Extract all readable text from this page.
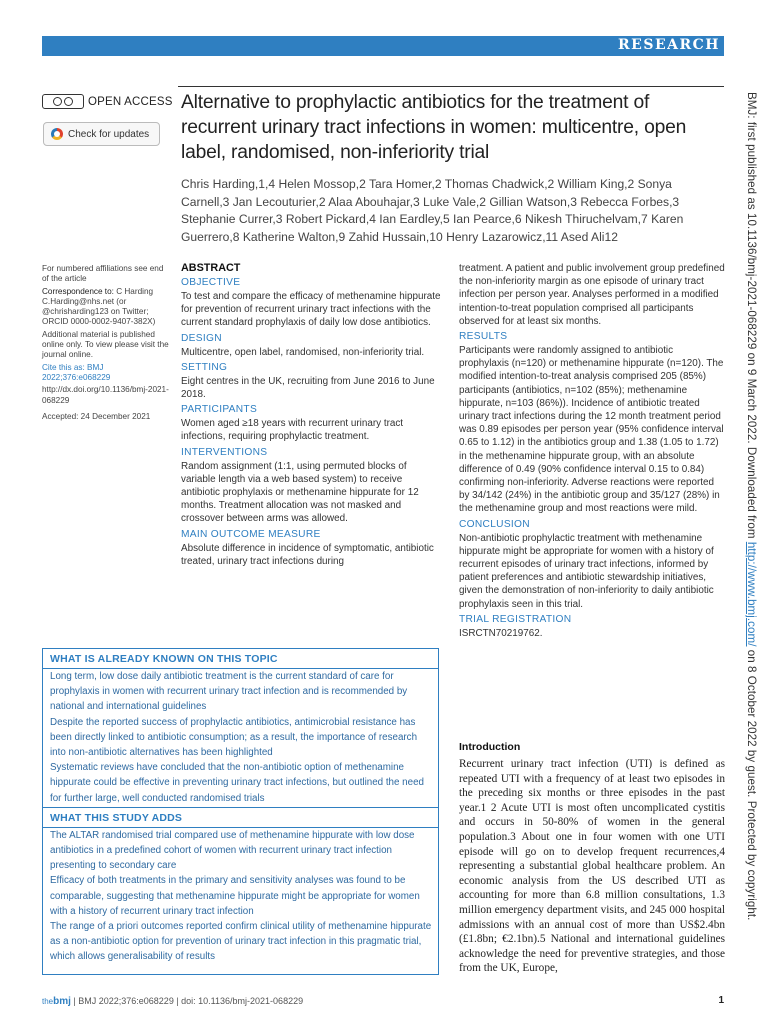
RESEARCH
OPEN ACCESS
Check for updates
Alternative to prophylactic antibiotics for the treatment of recurrent urinary tract infections in women: multicentre, open label, randomised, non-inferiority trial
Chris Harding,1,4 Helen Mossop,2 Tara Homer,2 Thomas Chadwick,2 William King,2 Sonya Carnell,3 Jan Lecouturier,2 Alaa Abouhajar,3 Luke Vale,2 Gillian Watson,3 Rebecca Forbes,3 Stephanie Currer,3 Robert Pickard,4 Ian Eardley,5 Ian Pearce,6 Nikesh Thiruchelvam,7 Karen Guerrero,8 Katherine Walton,9 Zahid Hussain,10 Henry Lazarowicz,11 Ased Ali12

For numbered affiliations see end of the article

Correspondence to: C Harding C.Harding@nhs.net (or @chrisharding123 on Twitter; ORCID 0000-0002-9407-382X)

Additional material is published online only. To view please visit the journal online.

Cite this as: BMJ 2022;376:e068229

http://dx.doi.org/10.1136/bmj-2021-068229

Accepted: 24 December 2021

ABSTRACT

OBJECTIVE

To test and compare the efficacy of methenamine hippurate for prevention of recurrent urinary tract infections with the current standard prophylaxis of daily low dose antibiotics.

DESIGN

Multicentre, open label, randomised, non-inferiority trial.

SETTING

Eight centres in the UK, recruiting from June 2016 to June 2018.

PARTICIPANTS

Women aged ≥18 years with recurrent urinary tract infections, requiring prophylactic treatment.

INTERVENTIONS

Random assignment (1:1, using permuted blocks of variable length via a web based system) to receive antibiotic prophylaxis or methenamine hippurate for 12 months. Treatment allocation was not masked and crossover between arms was allowed.

MAIN OUTCOME MEASURE

Absolute difference in incidence of symptomatic, antibiotic treated, urinary tract infections during

treatment. A patient and public involvement group predefined the non-inferiority margin as one episode of urinary tract infection per person year. Analyses performed in a modified intention-to-treat population comprised all participants observed for at least six months.

RESULTS

Participants were randomly assigned to antibiotic prophylaxis (n=120) or methenamine hippurate (n=120). The modified intention-to-treat analysis comprised 205 (85%) participants (antibiotics, n=102 (85%); methenamine hippurate, n=103 (86%)). Incidence of antibiotic treated urinary tract infections during the 12 month treatment period was 0.89 episodes per person year (95% confidence interval 0.65 to 1.12) in the antibiotics group and 1.38 (1.05 to 1.72) in the methenamine hippurate group, with an absolute difference of 0.49 (90% confidence interval 0.15 to 0.84) confirming non-inferiority. Adverse reactions were reported by 34/142 (24%) in the antibiotic group and 35/127 (28%) in the methenamine group and most reactions were mild.

CONCLUSION

Non-antibiotic prophylactic treatment with methenamine hippurate might be appropriate for women with a history of recurrent episodes of urinary tract infections, informed by patient preferences and antibiotic stewardship initiatives, given the demonstration of non-inferiority to daily antibiotic prophylaxis seen in this trial.

TRIAL REGISTRATION

ISRCTN70219762.

WHAT IS ALREADY KNOWN ON THIS TOPIC

Long term, low dose daily antibiotic treatment is the current standard of care for prophylaxis in women with recurrent urinary tract infection and is recommended by national and international guidelines

Despite the reported success of prophylactic antibiotics, antimicrobial resistance has been directly linked to antibiotic consumption; as a result, the importance of research into non-antibiotic alternatives has been highlighted

Systematic reviews have concluded that the non-antibiotic option of methenamine hippurate could be effective in preventing urinary tract infections, but outlined the need for further large, well conducted randomised trials

WHAT THIS STUDY ADDS

The ALTAR randomised trial compared use of methenamine hippurate with low dose antibiotics in a predefined cohort of women with recurrent urinary tract infection presenting to secondary care

Efficacy of both treatments in the primary and sensitivity analyses was found to be comparable, suggesting that methenamine hippurate might be appropriate for women with a history of recurrent urinary tract infection

The range of a priori outcomes reported confirm clinical utility of methenamine hippurate as a non-antibiotic option for prevention of urinary tract infection in this pragmatic trial, which allows generalisability of results

Introduction

Recurrent urinary tract infection (UTI) is defined as repeated UTI with a frequency of at least two episodes in the preceding six months or three episodes in the past year.1 2 Acute UTI is most often uncomplicated cystitis and occurs in 50-80% of women in the general population.3 About one in four women with one UTI episode will go on to develop frequent recurrences,4 representing a substantial global healthcare problem. An economic analysis from the US described UTI as accounting for more than 6.8 million consultations, 1.3 million emergency department visits, and 245 000 hospital admissions with an annual cost of more than US$2.4bn (£1.8bn; €2.1bn).5 National and international guidelines acknowledge the need for preventive strategies, and those from the UK, Europe,

BMJ: first published as 10.1136/bmj-2021-068229 on 9 March 2022. Downloaded from http://www.bmj.com/ on 8 October 2022 by guest. Protected by copyright.
thebmj | BMJ 2022;376:e068229 | doi: 10.1136/bmj-2021-068229	1
